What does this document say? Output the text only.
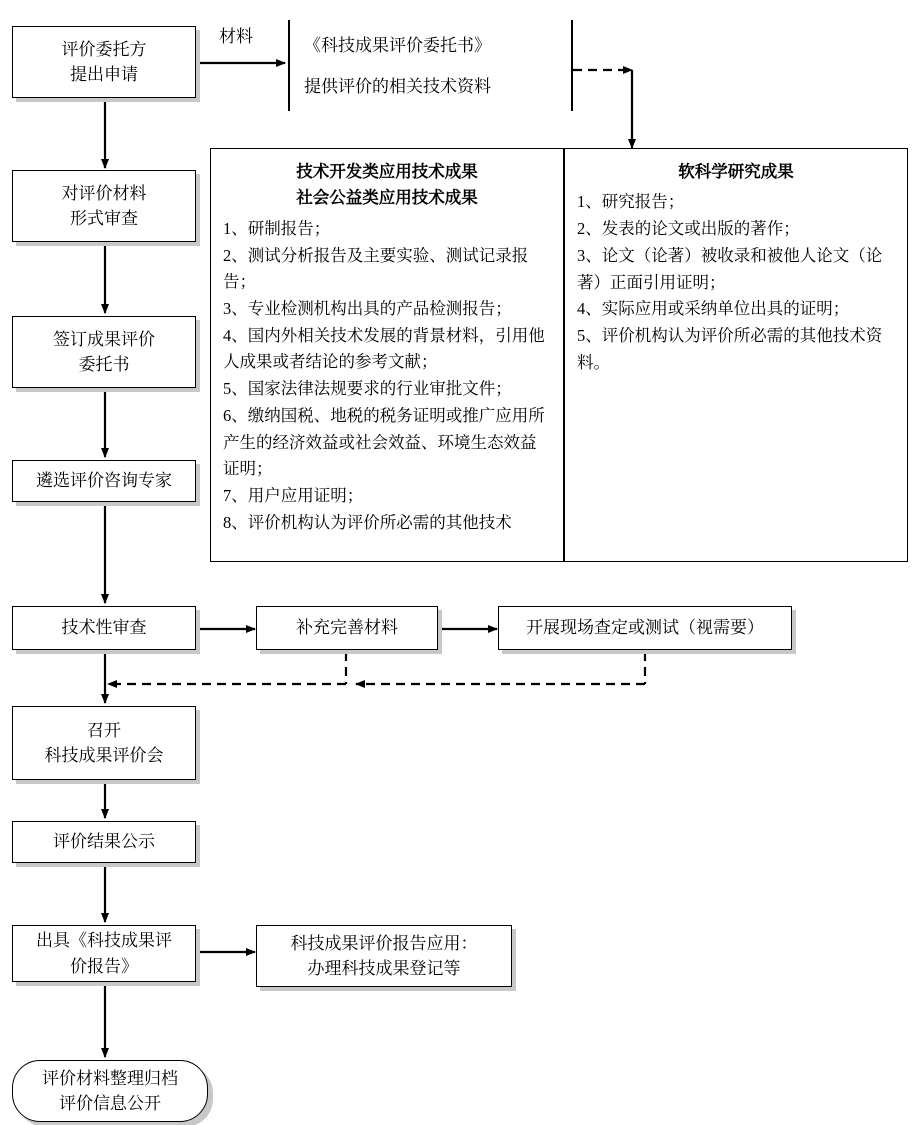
评价委托方
提出申请
材料	《科技成果评价委托书》
提供评价的相关技术资料
对评价材料
形式审查
签订成果评价
委托书
遴选评价咨询专家
技术性审查	补充完善材料	开展现场查定或测试（视需要）
召开
科技成果评价会
评价结果公示
出具《科技成果评
价报告》
科技成果评价报告应用：
办理科技成果登记等
评价材料整理归档
评价信息公开
技术开发类应用技术成果
社会公益类应用技术成果
1、研制报告；
2、测试分析报告及主要实验、测试记录报告；
3、专业检测机构出具的产品检测报告；
4、国内外相关技术发展的背景材料，引用他人成果或者结论的参考文献；
5、国家法律法规要求的行业审批文件；
6、缴纳国税、地税的税务证明或推广应用所产生的经济效益或社会效益、环境生态效益证明；
7、用户应用证明；
8、评价机构认为评价所必需的其他技术
软科学研究成果
1、研究报告；
2、发表的论文或出版的著作；
3、论文（论著）被收录和被他人论文（论著）正面引用证明；
4、实际应用或采纳单位出具的证明；
5、评价机构认为评价所必需的其他技术资料。
